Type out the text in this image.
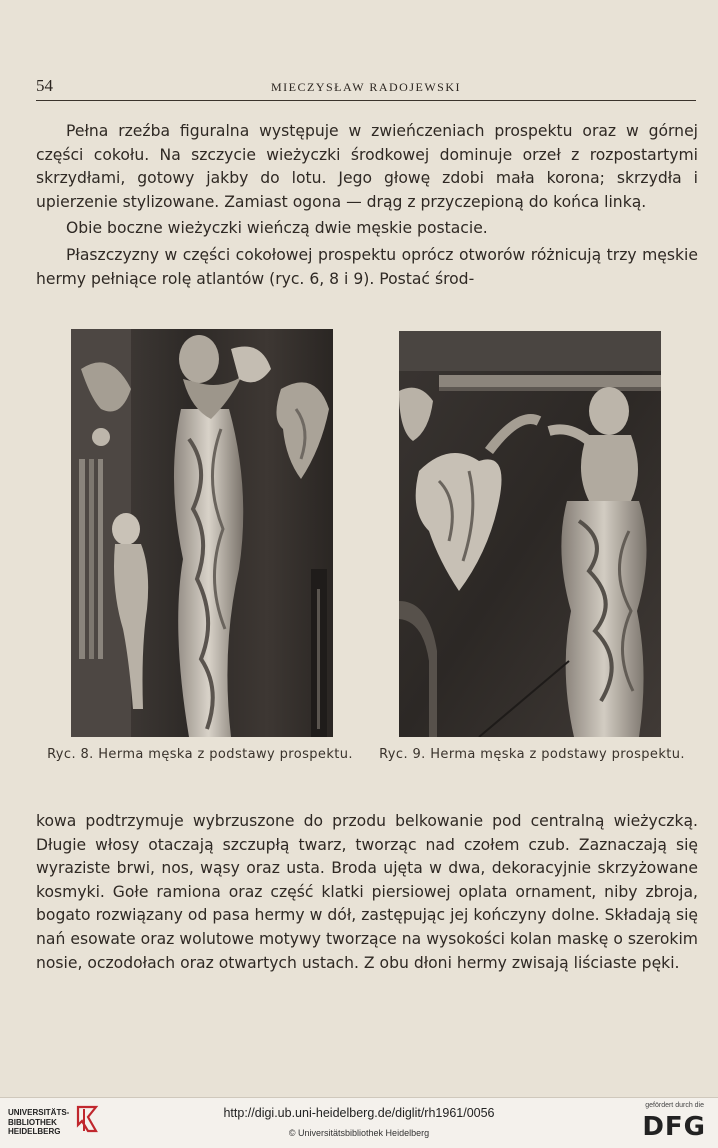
54	MIECZYSŁAW RADOJEWSKI

Pełna rzeźba figuralna występuje w zwieńczeniach prospektu oraz w górnej części cokołu. Na szczycie wieżyczki środkowej dominuje orzeł z rozpostartymi skrzydłami, gotowy jakby do lotu. Jego głowę zdobi mała korona; skrzydła i upierzenie stylizowane. Zamiast ogona — drąg z przyczepioną do końca linką.

Obie boczne wieżyczki wieńczą dwie męskie postacie.

Płaszczyzny w części cokołowej prospektu oprócz otworów różnicują trzy męskie hermy pełniące rolę atlantów (ryc. 6, 8 i 9). Postać środ-

Ryc. 8. Herma męska z podstawy prospektu.	Ryc. 9. Herma męska z podstawy prospektu.

kowa podtrzymuje wybrzuszone do przodu belkowanie pod centralną wieżyczką. Długie włosy otaczają szczupłą twarz, tworząc nad czołem czub. Zaznaczają się wyraziste brwi, nos, wąsy oraz usta. Broda ujęta w dwa, dekoracyjnie skrzyżowane kosmyki. Gołe ramiona oraz część klatki piersiowej oplata ornament, niby zbroja, bogato rozwiązany od pasa hermy w dół, zastępując jej kończyny dolne. Składają się nań esowate oraz wolutowe motywy tworzące na wysokości kolan maskę o szerokim nosie, oczodołach oraz otwartych ustach. Z obu dłoni hermy zwisają liściaste pęki.

UNIVERSITÄTS-
BIBLIOTHEK
HEIDELBERG
http://digi.ub.uni-heidelberg.de/diglit/rh1961/0056
© Universitätsbibliothek Heidelberg
gefördert durch die
DFG
